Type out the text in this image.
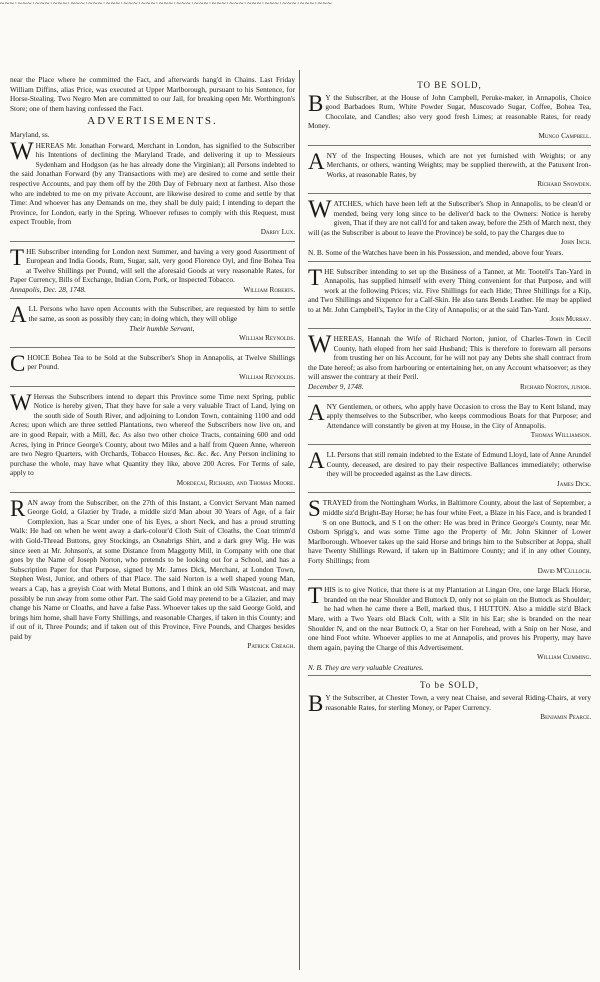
~~~·~~~·~~~·~~~·~~~·~~~·~~~·~~~·~~~·~~~·~~~·~~~·~~~·~~~·~~~·~~~·~~~·~~~·~~~

near the Place where he committed the Fact, and afterwards hang'd in Chains. Last Friday William Diffins, alias Price, was executed at Upper Marlborough, pursuant to his Sentence, for Horse-Stealing. Two Negro Men are committed to our Jail, for breaking open Mr. Worthington's Store; one of them having confessed the Fact.

ADVERTISEMENTS.
Maryland, ss.
W HEREAS Mr. Jonathan Forward, Merchant in London, has signified to the Subscriber his Intentions of declining the Maryland Trade, and delivering it up to Messieurs Sydenham and Hodgson (as he has already done the Virginian); all Persons indebted to the said Jonathan Forward (by any Transactions with me) are desired to come and settle their respective Accounts, and pay them off by the 20th Day of February next at farthest. Also those who are indebted to me on my private Account, are likewise desired to come and settle by that Time: And whoever has any Demands on me, they shall be duly paid; I intending to depart the Province, for London, early in the Spring. Whoever refuses to comply with this Request, must expect Trouble, from
Darby Lux.
T HE Subscriber intending for London next Summer, and having a very good Assortment of European and India Goods, Rum, Sugar, salt, very good Florence Oyl, and fine Bohea Tea at Twelve Shillings per Pound, will sell the aforesaid Goods at very reasonable Rates, for Paper Currency, Bills of Exchange, Indian Corn, Pork, or Inspected Tobacco.
Annapolis, Dec. 28, 1748.	William Roberts.
A LL Persons who have open Accounts with the Subscriber, are requested by him to settle the same, as soon as possibly they can; in doing which, they will oblige
Their humble Servant,
William Reynolds.
C HOICE Bohea Tea to be Sold at the Subscriber's Shop in Annapolis, at Twelve Shillings per Pound.
William Reynolds.
W Hereas the Subscribers intend to depart this Province some Time next Spring, public Notice is hereby given, That they have for sale a very valuable Tract of Land, lying on the south side of South River, and adjoining to London Town, containing 1100 and odd Acres; upon which are three settled Plantations, two whereof the Subscribers now live on, and are in good Repair, with a Mill, &c. As also two other choice Tracts, containing 600 and odd Acres, lying in Prince George's County, about two Miles and a half from Queen Anne, whereon are two Negro Quarters, with Orchards, Tobacco Houses, &c. &c. &c. Any Person inclining to purchase the whole, may have what Quantity they like, above 200 Acres. For Terms of sale, apply to
Mordecai, Richard, and Thomas Moore.
R AN away from the Subscriber, on the 27th of this Instant, a Convict Servant Man named George Gold, a Glazier by Trade, a middle siz'd Man about 30 Years of Age, of a fair Complexion, has a Scar under one of his Eyes, a short Neck, and has a proud strutting Walk: He had on when he went away a dark-colour'd Cloth Suit of Cloaths, the Coat trimm'd with Gold-Thread Buttons, grey Stockings, an Osnabrigs Shirt, and a dark grey Wig. He was since seen at Mr. Johnson's, at some Distance from Maggotty Mill, in Company with one that goes by the Name of Joseph Norton, who pretends to be looking out for a School, and has a Subscription Paper for that Purpose, signed by Mr. James Dick, Merchant, at London Town, Stephen West, Junior, and others of that Place. The said Norton is a well shaped young Man, wears a Cap, has a greyish Coat with Metal Buttons, and I think an old Silk Wastcoat, and may possibly be run away from some other Part. The said Gold may pretend to be a Glazier, and may change his Name or Cloaths, and have a false Pass. Whoever takes up the said George Gold, and brings him home, shall have Forty Shillings, and reasonable Charges, if taken in this County; and if out of it, Three Pounds; and if taken out of this Province, Five Pounds, and Charges besides paid by
Patrick Creagh.
TO BE SOLD,
B Y the Subscriber, at the House of John Campbell, Peruke-maker, in Annapolis, Choice good Barbadoes Rum, White Powder Sugar, Muscovado Sugar, Coffee, Bohea Tea, Chocolate, and Candles; also very good fresh Limes; at reasonable Rates, for ready Money.
Mungo Campbell.
A NY of the Inspecting Houses, which are not yet furnished with Weights; or any Merchants, or others, wanting Weights; may be supplied therewith, at the Patuxent Iron-Works, at reasonable Rates, by
Richard Snowden.
W ATCHES, which have been left at the Subscriber's Shop in Annapolis, to be clean'd or mended, being very long since to be deliver'd back to the Owners: Notice is hereby given, That if they are not call'd for and taken away, before the 25th of March next, they will (as the Subscriber is about to leave the Province) be sold, to pay the Charges due to
John Inch.

N. B. Some of the Watches have been in his Possession, and mended, above four Years.

T HE Subscriber intending to set up the Business of a Tanner, at Mr. Tootell's Tan-Yard in Annapolis, has supplied himself with every Thing convenient for that Purpose, and will work at the following Prices; viz. Five Shillings for each Hide; Three Shillings for a Kip, and Two Shillings and Sixpence for a Calf-Skin. He also tans Bends Leather. He may be applied to at Mr. John Campbell's, Taylor in the City of Annapolis; or at the said Tan-Yard.
John Murray.
W HEREAS, Hannah the Wife of Richard Norton, junior, of Charles-Town in Cecil County, hath eloped from her said Husband; This is therefore to forewarn all persons from trusting her on his Account, for he will not pay any Debts she shall contract from the Date hereof; as also from harbouring or entertaining her, on any Account whatsoever; as they will answer the contrary at their Peril.
December 9, 1748.	Richard Norton, junior.
A NY Gentlemen, or others, who apply have Occasion to cross the Bay to Kent Island, may apply themselves to the Subscriber, who keeps commodious Boats for that Purpose; and Attendance will constantly be given at my House, in the City of Annapolis.
Thomas Williamson.
A LL Persons that still remain indebted to the Estate of Edmund Lloyd, late of Anne Arundel County, deceased, are desired to pay their respective Ballances immediately; otherwise they will be proceeded against as the Law directs.
James Dick.
S TRAYED from the Nottingham Works, in Baltimore County, about the last of September, a middle siz'd Bright-Bay Horse; he has four white Feet, a Blaze in his Face, and is branded I S on one Buttock, and S I on the other: He was bred in Prince George's County, near Mr. Osborn Sprigg's, and was some Time ago the Property of Mr. John Skinner of Lower Marlborough. Whoever takes up the said Horse and brings him to the Subscriber at Joppa, shall have Twenty Shillings Reward, if taken up in Baltimore County; and if in any other County, Forty Shillings; from
David M'Culloch.
T HIS is to give Notice, that there is at my Plantation at Lingan Ore, one large Black Horse, branded on the near Shoulder and Buttock D, only not so plain on the Buttock as Shoulder; he had when he came there a Bell, marked thus, I HUTTON. Also a middle siz'd Black Mare, with a Two Years old Black Colt, with a Slit in his Ear; she is branded on the near Shoulder N, and on the near Buttock O, a Star on her Forehead, with a Snip on her Nose, and one hind Foot white. Whoever applies to me at Annapolis, and proves his Property, may have them again, paying the Charge of this Advertisement.
William Cumming.

N. B. They are very valuable Creatures.

To be SOLD,
B Y the Subscriber, at Chester Town, a very neat Chaise, and several Riding-Chairs, at very reasonable Rates, for sterling Money, or Paper Currency.
Benjamin Pearce.
